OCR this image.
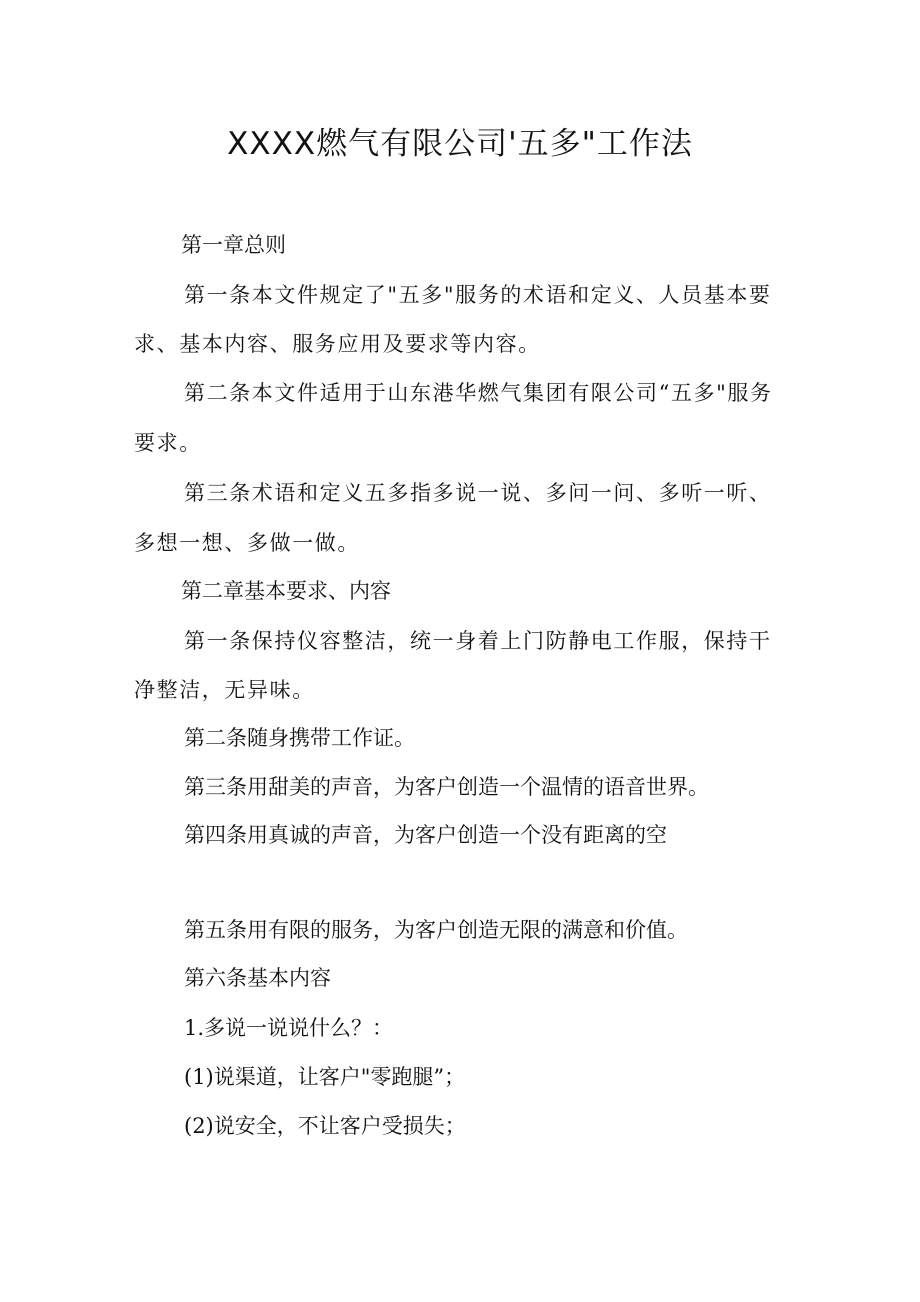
XXXX燃气有限公司'五多"工作法
第一章总则
第一条本文件规定了"五多"服务的术语和定义、人员基本要
求、基本内容、服务应用及要求等内容。
第二条本文件适用于山东港华燃气集团有限公司“五多"服务
要求。
第三条术语和定义五多指多说一说、多问一问、多听一听、
多想一想、多做一做。
第二章基本要求、内容
第一条保持仪容整洁，统一身着上门防静电工作服，保持干
净整洁，无异味。
第二条随身携带工作证。
第三条用甜美的声音，为客户创造一个温情的语音世界。
第四条用真诚的声音，为客户创造一个没有距离的空
第五条用有限的服务，为客户创造无限的满意和价值。
第六条基本内容
1.多说一说说什么？：
(1)说渠道，让客户"零跑腿”；
(2)说安全，不让客户受损失；
